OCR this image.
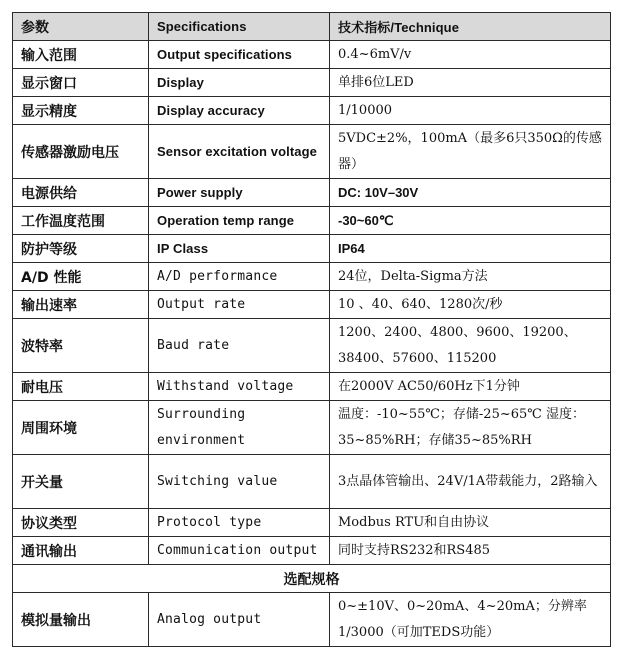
参数	Specifications	技术指标/Technique
输入范围	Output specifications	0.4~6mV/v
显示窗口	Display	单排6位LED
显示精度	Display accuracy	1/10000
传感器激励电压	Sensor excitation voltage	5VDC±2%，100mA（最多6只350Ω的传感器）
电源供给	Power supply	DC: 10V–30V
工作温度范围	Operation temp range	-30~60℃
防护等级	IP Class	IP64
A/D 性能	A/D performance	24位，Delta-Sigma方法
输出速率	Output rate	10 、40、640、1280次/秒
波特率	Baud rate	1200、2400、4800、9600、19200、38400、57600、115200
耐电压	Withstand voltage	在2000V AC50/60Hz下1分钟
周围环境	Surrounding environment	温度：-10~55℃；存储-25~65℃ 湿度：35~85%RH；存储35~85%RH
开关量	Switching value	3点晶体管输出、24V/1A带载能力，2路输入
协议类型	Protocol type	Modbus RTU和自由协议
通讯输出	Communication output	同时支持RS232和RS485
选配规格		
模拟量输出	Analog output	0~±10V、0~20mA、4~20mA；分辨率1/3000（可加TEDS功能）
